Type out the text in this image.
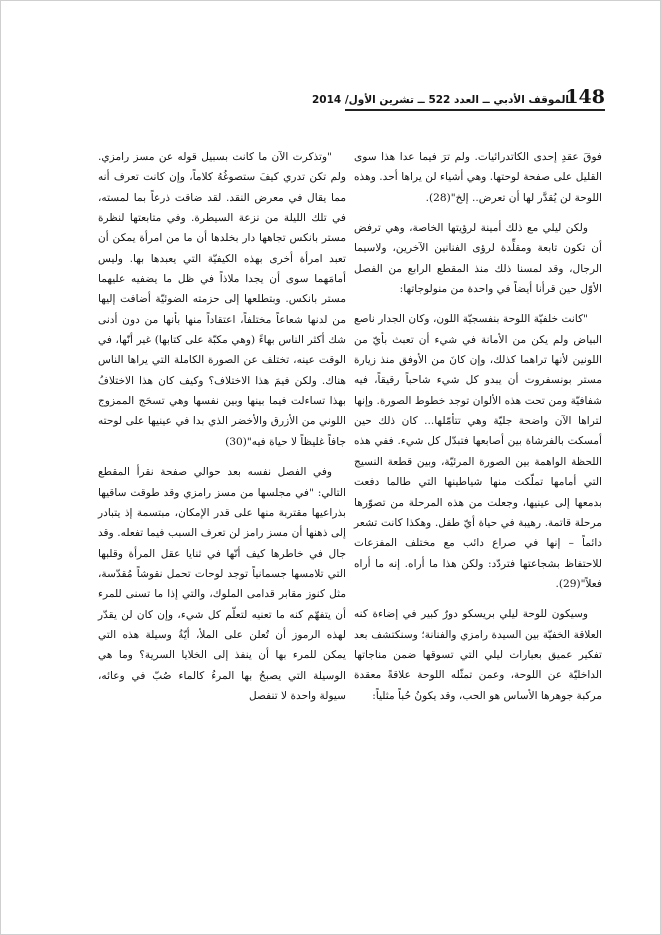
الموقف الأدبي ــ العدد 522 ــ تشرين الأول/ 2014
148

فوقَ عقدِ إحدى الكاتدرائيات. ولم ترَ فيما عدا هذا سوى القليل على صفحة لوحتها. وهي أشياء لن يراها أحد. وهذه اللوحة لن يُقدَّر لها أن تعرض.. إلخ"(28).

ولكن ليلي مع ذلك أمينة لرؤيتها الخاصة، وهي ترفض أن تكون تابعة ومقلِّدة لرؤى الفنانين الآخرين، ولاسيما الرجال، وقد لمسنا ذلك منذ المقطع الرابع من الفصل الأوّل حين قرأنا أيضاً في واحدة من منولوجاتها:

"كانت خلفيّة اللوحة بنفسجيّة اللون، وكان الجدار ناصع البياض ولم يكن من الأمانة في شيء أن تعبث بأيّ من اللونين لأنها تراهما كذلك، وإن كانَ من الأوفق منذ زيارة مستر بونسفروت أن يبدو كل شيء شاحباً رقيقاً، فيه شفافيّة ومن تحت هذه الألوان توجد خطوط الصورة. وإنها لتراها الآن واضحة جليّة وهي تتأمّلها... كان ذلك حين أمسكت بالفرشاة بين أصابعها فتبدّل كل شيء. ففي هذه اللحظة الواهمة بين الصورة المرئيّة، وبين قطعة النسيج التي أمامها تملّكت منها شياطينها التي طالما دفعت بدمعها إلى عينيها، وجعلت من هذه المرحلة من تصوّرها مرحلة قاتمة. رهيبة في حياة أيّ طفل. وهكذا كانت تشعر دائماً – إنها في صراع دائب مع مختلف المفزعات للاحتفاظ بشجاعتها فتردّد: ولكن هذا ما أراه. إنه ما أراه فعلاً"(29).

وسيكون للوحة ليلي بريسكو دورٌ كبير في إضاءة كنه العلاقة الخفيّة بين السيدة رامزي والفنانة؛ وسنكتشف بعد تفكير عميق بعبارات ليلي التي تسوقها ضمن مناجاتها الداخليّة عن اللوحة، وعمن تمثّله اللوحة علاقةً معقدة مركبة جوهرها الأساس هو الحب، وقد يكونُ حُباً مثلياً:

"وتذكرت الآن ما كانت بسبيل قوله عن مسز رامزي. ولم تكن تدري كيفَ ستصوغُهُ كلاماً، وإن كانت تعرف أنه مما يقال في معرض النقد. لقد ضاقت ذرعاً بما لمسته، في تلك الليلة من نزعة السيطرة. وفي متابعتها لنظرة مستر بانكس تجاهها دار بخلدها أن ما من امرأة يمكن أن تعبد امرأة أخرى بهذه الكيفيّة التي يعبدها بها. وليس أمامَهما سوى أن يجدا ملاذاً في ظل ما يضفيه عليهما مستر بانكس. وبتطلعها إلى حزمته الضوئيّة أضافت إليها من لدنها شعاعاً مختلفاً، اعتقاداً منها بأنها من دون أدنى شك أكثر الناس بهاءً (وهي مكبّة على كتابها) غير أنّها، في الوقت عينه، تختلف عن الصورة الكاملة التي يراها الناس هناك. ولكن فيمَ هذا الاختلاف؟ وكيف كان هذا الاختلافُ بهذا تساءلت فيما بينها وبين نفسها وهي تسحَج الممزوج اللوني من الأزرق والأخضر الذي بدا في عينيها على لوحته جافاً غليظاً لا حياة فيه"(30)

وفي الفصل نفسه بعد حوالي صفحة نقرأ المقطع التالي: "في مجلسها من مسز رامزي وقد طوقت ساقيها بذراعيها مقتربة منها على قدر الإمكان، مبتسمة إذ يتبادر إلى ذهنها أن مسز رامز لن تعرف السبب فيما تفعله. وقد جال في خاطرها كيف أنّها في ثنايا عقل المرأة وقلبها التي تلامسها جسمانياً توجد لوحات تحمل نقوشاً مُقدّسة، مثل كنوز مقابر قدامى الملوك، والتي إذا ما تسنى للمرء أن يتفهّم كنه ما تعنيه لتعلّم كل شيء، وإن كان لن يقدّر لهذه الرموز أن تُعلن على الملأ، أيّةُ وسيلة هذه التي يمكن للمرء بها أن ينفذ إلى الخلايا السرية؟ وما هي الوسيلة التي يصبحُ بها المرءُ كالماء صُبّ في وعائه، سيولة واحدة لا تنفصل
